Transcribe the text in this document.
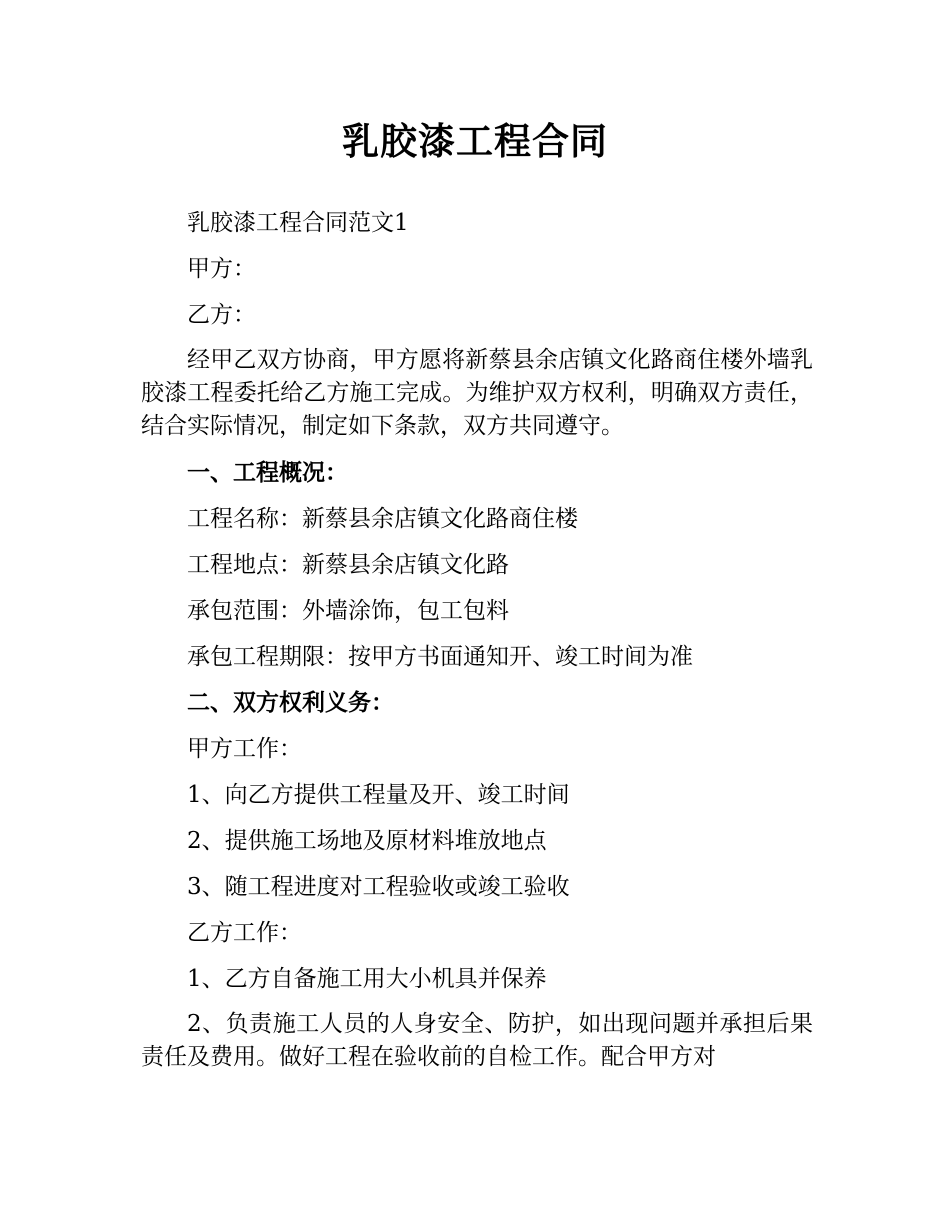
乳胶漆工程合同

乳胶漆工程合同范文1

甲方：

乙方：

经甲乙双方协商，甲方愿将新蔡县余店镇文化路商住楼外墙乳胶漆工程委托给乙方施工完成。为维护双方权利，明确双方责任，结合实际情况，制定如下条款，双方共同遵守。

一、工程概况：

工程名称：新蔡县余店镇文化路商住楼

工程地点：新蔡县余店镇文化路

承包范围：外墙涂饰，包工包料

承包工程期限：按甲方书面通知开、竣工时间为准

二、双方权利义务：

甲方工作：

1、向乙方提供工程量及开、竣工时间

2、提供施工场地及原材料堆放地点

3、随工程进度对工程验收或竣工验收

乙方工作：

1、乙方自备施工用大小机具并保养

2、负责施工人员的人身安全、防护，如出现问题并承担后果责任及费用。做好工程在验收前的自检工作。配合甲方对
